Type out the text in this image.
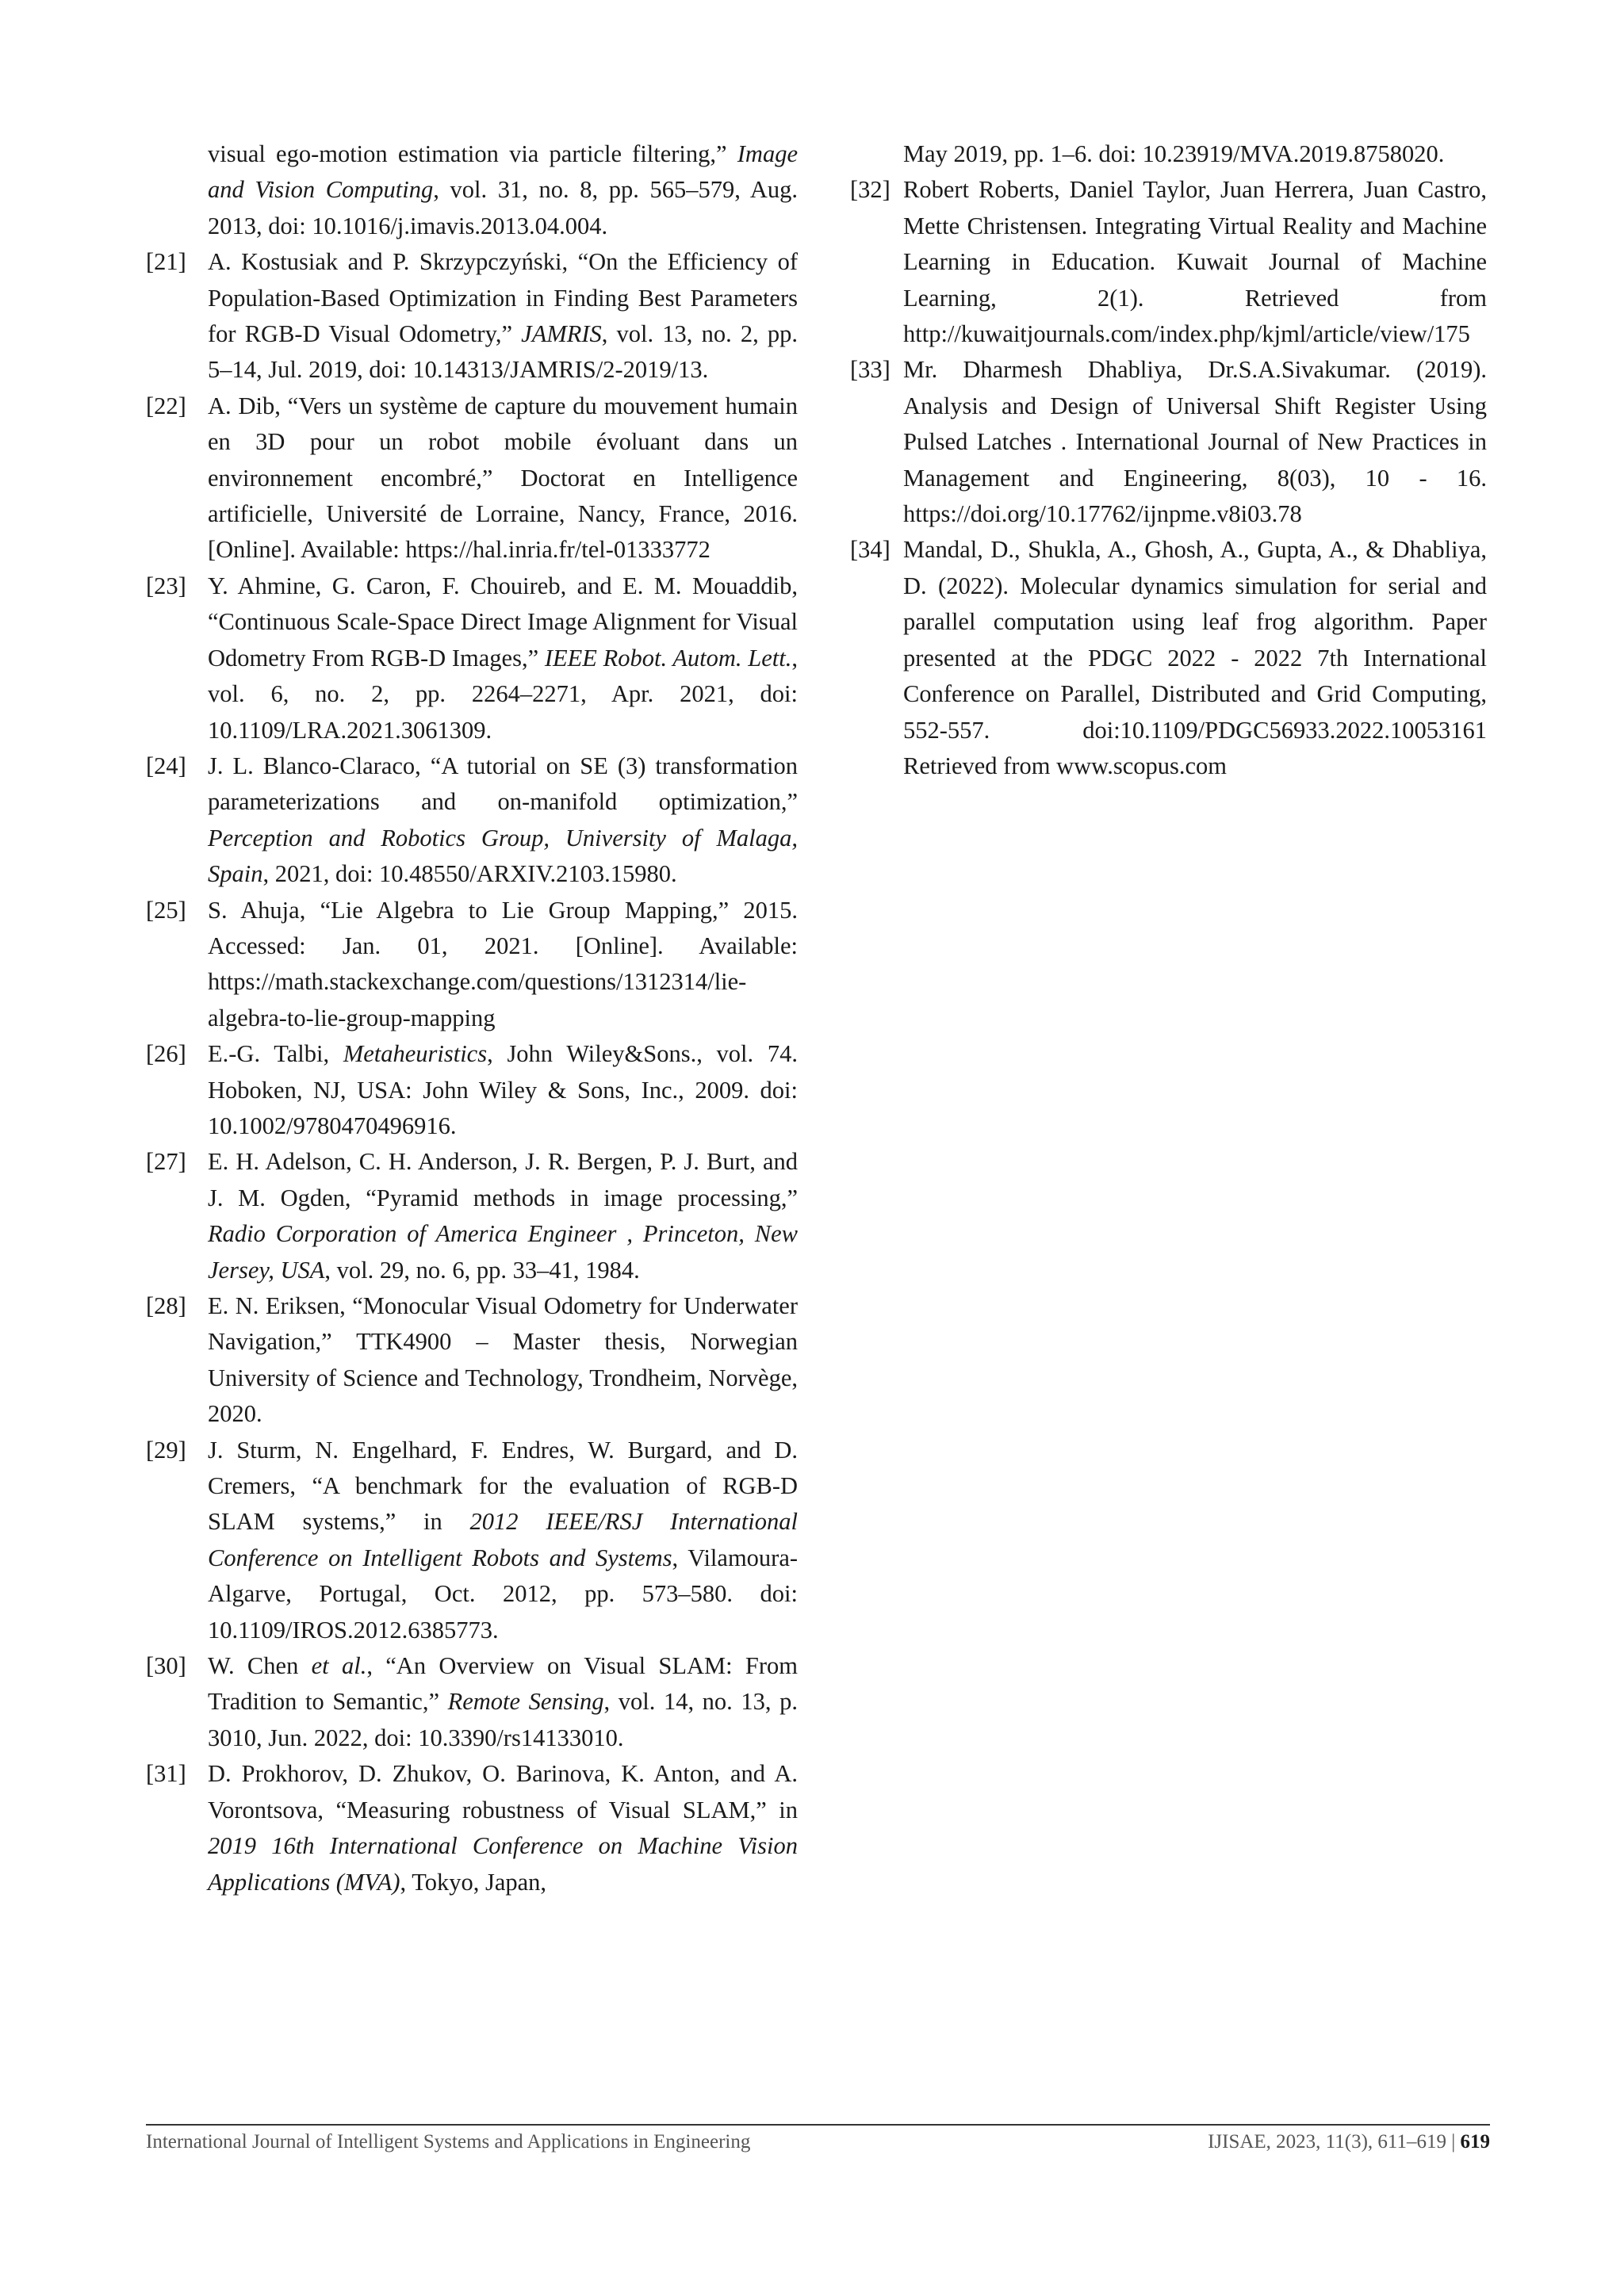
visual ego-motion estimation via particle filtering,” Image and Vision Computing, vol. 31, no. 8, pp. 565–579, Aug. 2013, doi: 10.1016/j.imavis.2013.04.004.
[21] A. Kostusiak and P. Skrzypczyński, “On the Efficiency of Population-Based Optimization in Finding Best Parameters for RGB-D Visual Odometry,” JAMRIS, vol. 13, no. 2, pp. 5–14, Jul. 2019, doi: 10.14313/JAMRIS/2-2019/13.
[22] A. Dib, “Vers un système de capture du mouvement humain en 3D pour un robot mobile évoluant dans un environnement encombré,” Doctorat en Intelligence artificielle, Université de Lorraine, Nancy, France, 2016. [Online]. Available: https://hal.inria.fr/tel-01333772
[23] Y. Ahmine, G. Caron, F. Chouireb, and E. M. Mouaddib, “Continuous Scale-Space Direct Image Alignment for Visual Odometry From RGB-D Images,” IEEE Robot. Autom. Lett., vol. 6, no. 2, pp. 2264–2271, Apr. 2021, doi: 10.1109/LRA.2021.3061309.
[24] J. L. Blanco-Claraco, “A tutorial on SE (3) transformation parameterizations and on-manifold optimization,” Perception and Robotics Group, University of Malaga, Spain, 2021, doi: 10.48550/ARXIV.2103.15980.
[25] S. Ahuja, “Lie Algebra to Lie Group Mapping,” 2015. Accessed: Jan. 01, 2021. [Online]. Available: https://math.stackexchange.com/questions/1312314/lie-algebra-to-lie-group-mapping
[26] E.-G. Talbi, Metaheuristics, John Wiley&Sons., vol. 74. Hoboken, NJ, USA: John Wiley & Sons, Inc., 2009. doi: 10.1002/9780470496916.
[27] E. H. Adelson, C. H. Anderson, J. R. Bergen, P. J. Burt, and J. M. Ogden, “Pyramid methods in image processing,” Radio Corporation of America Engineer , Princeton, New Jersey, USA, vol. 29, no. 6, pp. 33–41, 1984.
[28] E. N. Eriksen, “Monocular Visual Odometry for Underwater Navigation,” TTK4900 – Master thesis, Norwegian University of Science and Technology, Trondheim, Norvège, 2020.
[29] J. Sturm, N. Engelhard, F. Endres, W. Burgard, and D. Cremers, “A benchmark for the evaluation of RGB-D SLAM systems,” in 2012 IEEE/RSJ International Conference on Intelligent Robots and Systems, Vilamoura-Algarve, Portugal, Oct. 2012, pp. 573–580. doi: 10.1109/IROS.2012.6385773.
[30] W. Chen et al., “An Overview on Visual SLAM: From Tradition to Semantic,” Remote Sensing, vol. 14, no. 13, p. 3010, Jun. 2022, doi: 10.3390/rs14133010.
[31] D. Prokhorov, D. Zhukov, O. Barinova, K. Anton, and A. Vorontsova, “Measuring robustness of Visual SLAM,” in 2019 16th International Conference on Machine Vision Applications (MVA), Tokyo, Japan,
May 2019, pp. 1–6. doi: 10.23919/MVA.2019.8758020.
[32] Robert Roberts, Daniel Taylor, Juan Herrera, Juan Castro, Mette Christensen. Integrating Virtual Reality and Machine Learning in Education. Kuwait Journal of Machine Learning, 2(1). Retrieved from http://kuwaitjournals.com/index.php/kjml/article/view/175
[33] Mr. Dharmesh Dhabliya, Dr.S.A.Sivakumar. (2019). Analysis and Design of Universal Shift Register Using Pulsed Latches . International Journal of New Practices in Management and Engineering, 8(03), 10 - 16. https://doi.org/10.17762/ijnpme.v8i03.78
[34] Mandal, D., Shukla, A., Ghosh, A., Gupta, A., & Dhabliya, D. (2022). Molecular dynamics simulation for serial and parallel computation using leaf frog algorithm. Paper presented at the PDGC 2022 - 2022 7th International Conference on Parallel, Distributed and Grid Computing, 552-557. doi:10.1109/PDGC56933.2022.10053161 Retrieved from www.scopus.com
International Journal of Intelligent Systems and Applications in Engineering	IJISAE, 2023, 11(3), 611–619 | 619
